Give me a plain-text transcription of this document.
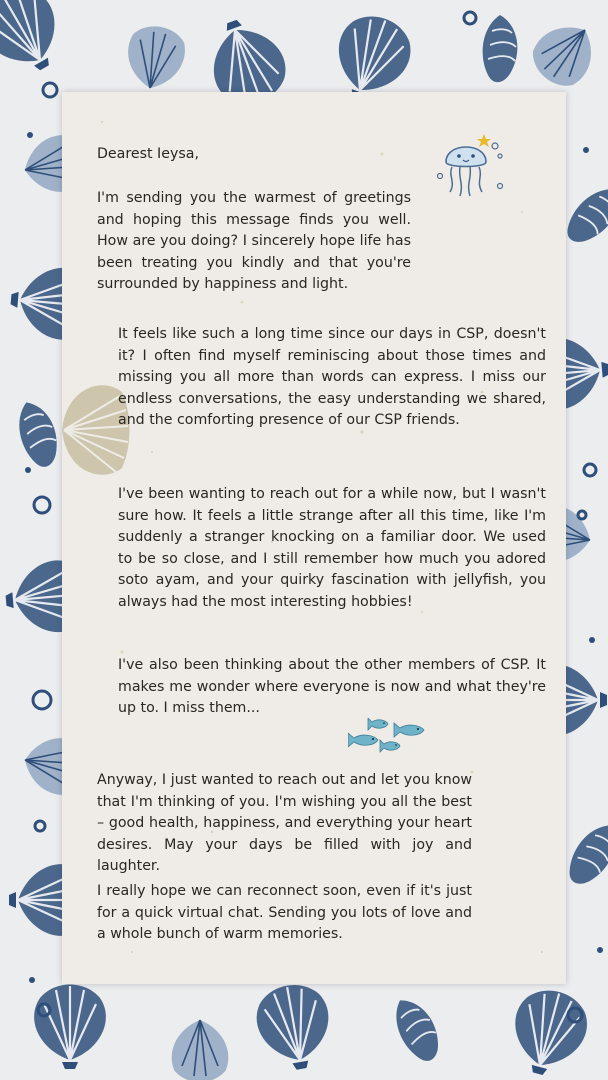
Dearest Ieysa,

I'm sending you the warmest of greetings and hoping this message finds you well. How are you doing? I sincerely hope life has been treating you kindly and that you're surrounded by happiness and light.

It feels like such a long time since our days in CSP, doesn't it? I often find myself reminiscing about those times and missing you all more than words can express. I miss our endless conversations, the easy understanding we shared, and the comforting presence of our CSP friends.

I've been wanting to reach out for a while now, but I wasn't sure how. It feels a little strange after all this time, like I'm suddenly a stranger knocking on a familiar door. We used to be so close, and I still remember how much you adored soto ayam, and your quirky fascination with jellyfish, you always had the most interesting hobbies!

I've also been thinking about the other members of CSP. It makes me wonder where everyone is now and what they're up to. I miss them...

Anyway, I just wanted to reach out and let you know that I'm thinking of you. I'm wishing you all the best – good health, happiness, and everything your heart desires. May your days be filled with joy and laughter.

I really hope we can reconnect soon, even if it's just for a quick virtual chat. Sending you lots of love and a whole bunch of warm memories.
